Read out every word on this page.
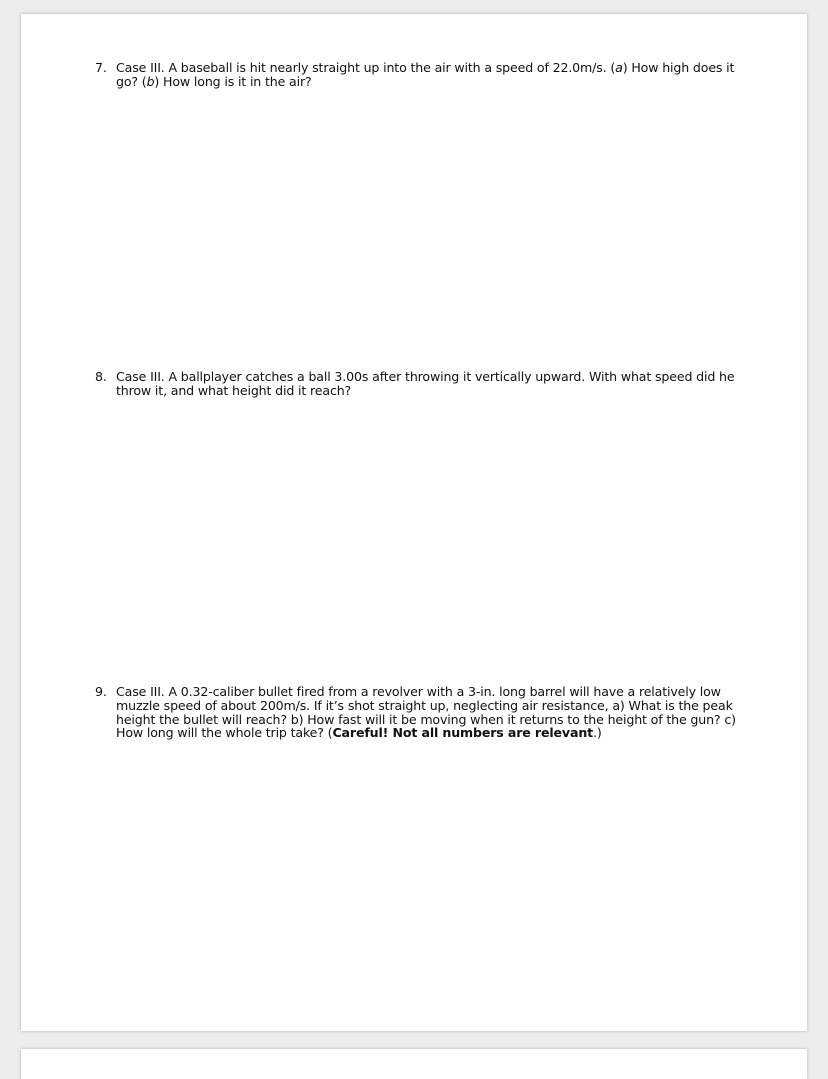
7. Case III. A baseball is hit nearly straight up into the air with a speed of 22.0m/s. (a) How high does it go? (b) How long is it in the air?
8. Case III. A ballplayer catches a ball 3.00s after throwing it vertically upward. With what speed did he throw it, and what height did it reach?
9. Case III. A 0.32-caliber bullet fired from a revolver with a 3-in. long barrel will have a relatively low muzzle speed of about 200m/s. If it’s shot straight up, neglecting air resistance, a) What is the peak height the bullet will reach? b) How fast will it be moving when it returns to the height of the gun? c) How long will the whole trip take? (Careful! Not all numbers are relevant.)
